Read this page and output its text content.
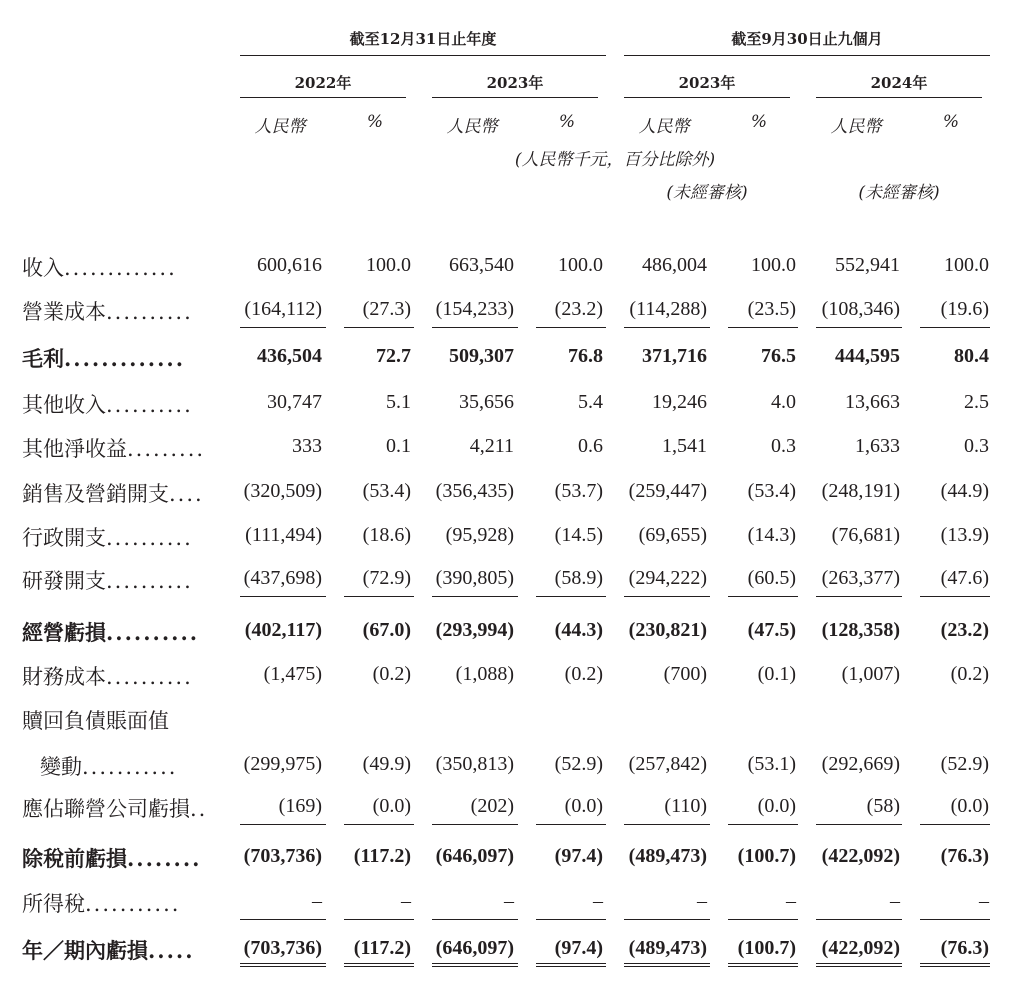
截至12月31日止年度	截至9月30日止九個月
2022年	2023年	2023年	2024年
人民幣	%	人民幣	%	人民幣	%	人民幣	%
(人民幣千元，百分比除外)
(未經審核)	(未經審核)
收入.............	600,616	100.0	663,540	100.0	486,004	100.0	552,941	100.0
營業成本..........	(164,112)	(27.3)	(154,233)	(23.2)	(114,288)	(23.5)	(108,346)	(19.6)
毛利.............	436,504	72.7	509,307	76.8	371,716	76.5	444,595	80.4
其他收入..........	30,747	5.1	35,656	5.4	19,246	4.0	13,663	2.5
其他淨收益.........	333	0.1	4,211	0.6	1,541	0.3	1,633	0.3
銷售及營銷開支....	(320,509)	(53.4)	(356,435)	(53.7)	(259,447)	(53.4)	(248,191)	(44.9)
行政開支..........	(111,494)	(18.6)	(95,928)	(14.5)	(69,655)	(14.3)	(76,681)	(13.9)
研發開支..........	(437,698)	(72.9)	(390,805)	(58.9)	(294,222)	(60.5)	(263,377)	(47.6)
經營虧損..........	(402,117)	(67.0)	(293,994)	(44.3)	(230,821)	(47.5)	(128,358)	(23.2)
財務成本..........	(1,475)	(0.2)	(1,088)	(0.2)	(700)	(0.1)	(1,007)	(0.2)
贖回負債賬面值
變動...........	(299,975)	(49.9)	(350,813)	(52.9)	(257,842)	(53.1)	(292,669)	(52.9)
應佔聯營公司虧損..	(169)	(0.0)	(202)	(0.0)	(110)	(0.0)	(58)	(0.0)
除稅前虧損........	(703,736)	(117.2)	(646,097)	(97.4)	(489,473)	(100.7)	(422,092)	(76.3)
所得稅...........	–	–	–	–	–	–	–	–
年／期內虧損.....	(703,736)	(117.2)	(646,097)	(97.4)	(489,473)	(100.7)	(422,092)	(76.3)
